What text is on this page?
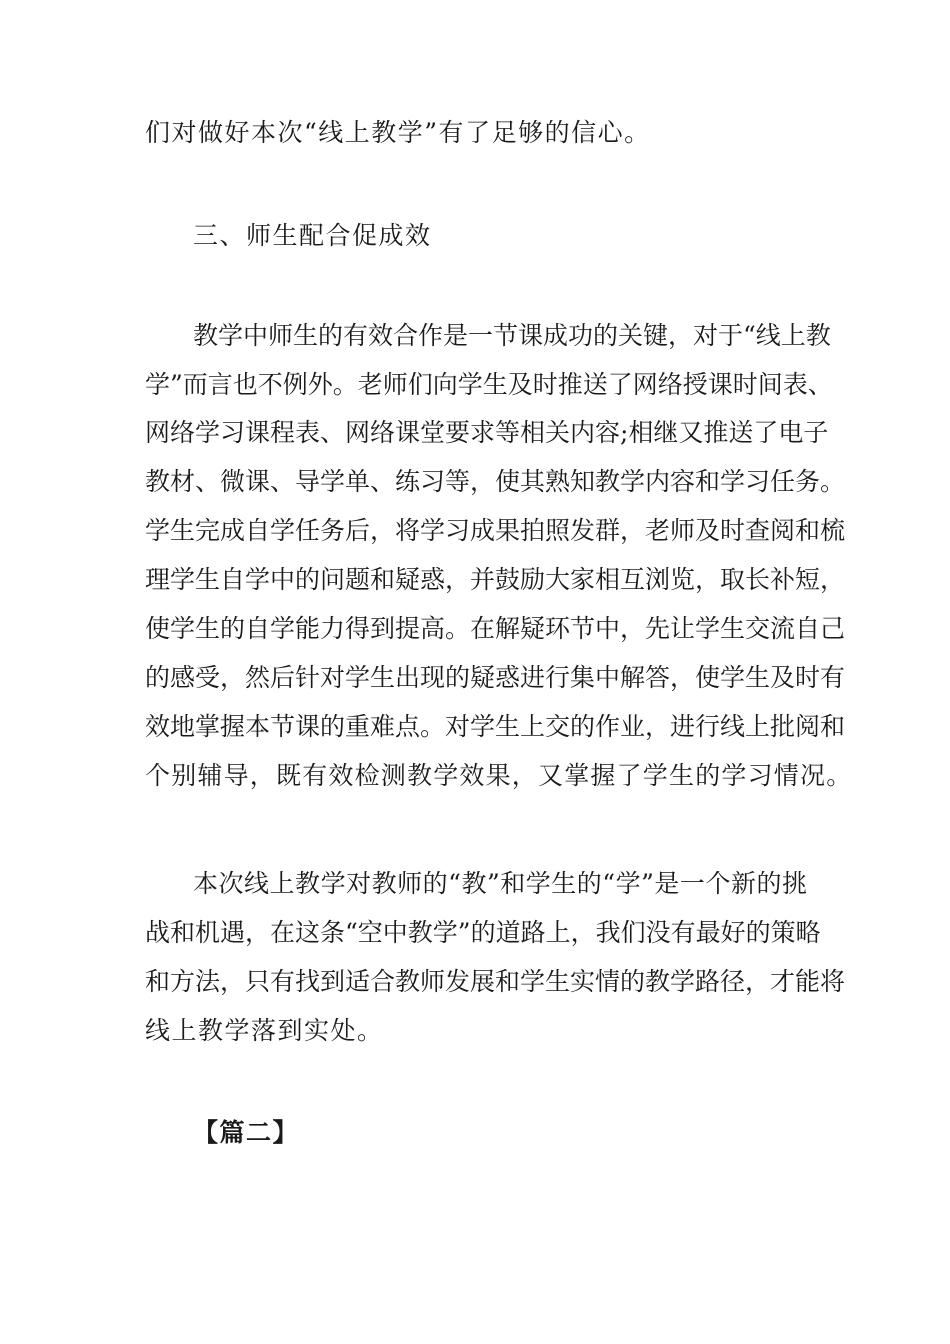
们对做好本次“线上教学”有了足够的信心。
三、师生配合促成效
教学中师生的有效合作是一节课成功的关键，对于“线上教
学”而言也不例外。老师们向学生及时推送了网络授课时间表、
网络学习课程表、网络课堂要求等相关内容;相继又推送了电子
教材、微课、导学单、练习等，使其熟知教学内容和学习任务。
学生完成自学任务后，将学习成果拍照发群，老师及时查阅和梳
理学生自学中的问题和疑惑，并鼓励大家相互浏览，取长补短，
使学生的自学能力得到提高。在解疑环节中，先让学生交流自己
的感受，然后针对学生出现的疑惑进行集中解答，使学生及时有
效地掌握本节课的重难点。对学生上交的作业，进行线上批阅和
个别辅导，既有效检测教学效果，又掌握了学生的学习情况。
本次线上教学对教师的“教”和学生的“学”是一个新的挑
战和机遇，在这条“空中教学”的道路上，我们没有最好的策略
和方法，只有找到适合教师发展和学生实情的教学路径，才能将
线上教学落到实处。
【篇二】
